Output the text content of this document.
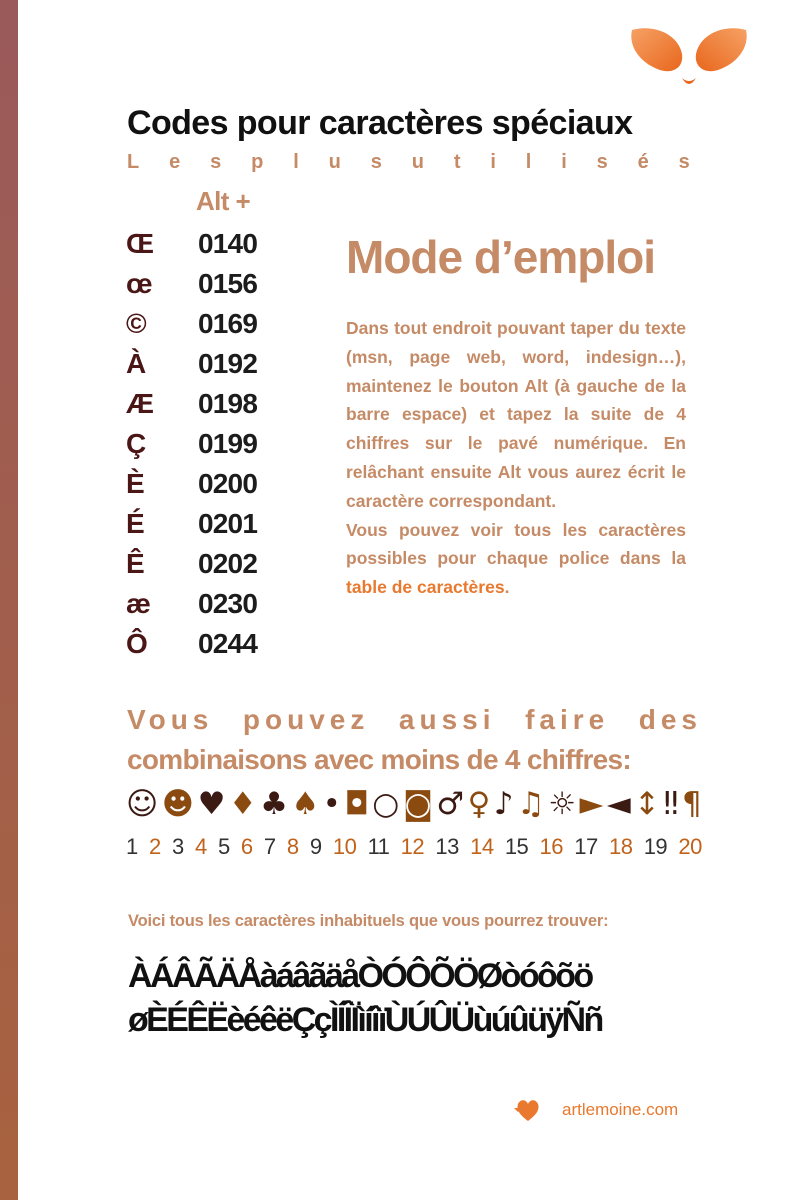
Codes pour caractères spéciaux
L e s p l u s u t i l i s é s
Alt +
Œ	0140
œ	0156
©	0169
À	0192
Æ	0198
Ç	0199
È	0200
É	0201
Ê	0202
æ	0230
Ô	0244
Mode d’emploi

Dans tout endroit pouvant taper du texte (msn, page web, word, indesign…), maintenez le bouton Alt (à gauche de la barre espace) et tapez la suite de 4 chiffres sur le pavé numérique. En relâchant ensuite Alt vous aurez écrit le caractère correspondant.

Vous pouvez voir tous les caractères possibles pour chaque police dans la table de caractères.

Vous pouvez aussi faire des
combinaisons avec moins de 4 chiffres:
☺ ☻ ♥ ♦ ♣ ♠ • ◘ ○ ◙ ♂ ♀ ♪ ♫ ☼ ► ◄ ↕ ‼ ¶
1 2 3 4 5 6 7 8 9 10 11 12 13 14 15 16 17 18 19 20

Voici tous les caractères inhabituels que vous pourrez trouver:

ÀÁÂÃÄÅàáâãäåÒÓÔÕÖØòóôõö
øÈÉÊËèéêëÇçÌÍÎÏìíîïÙÚÛÜùúûüÿÑñ
artlemoine.com
